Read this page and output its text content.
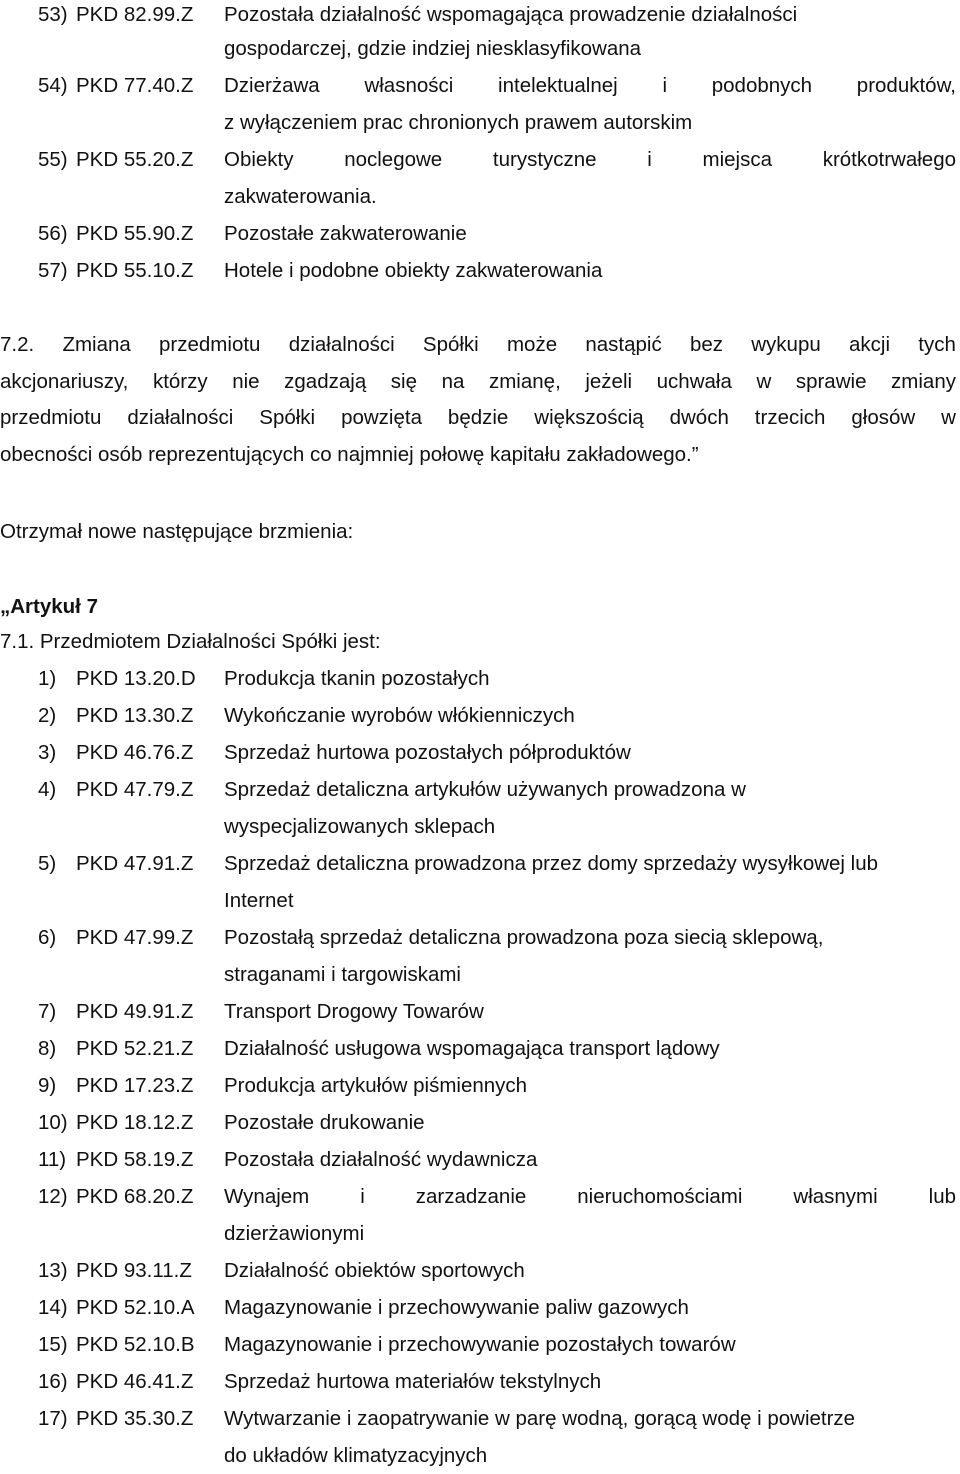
53) PKD 82.99.Z Pozostała działalność wspomagająca prowadzenie działalności
gospodarczej, gdzie indziej niesklasyfikowana
54) PKD 77.40.Z Dzierżawa własności intelektualnej i podobnych produktów,
z wyłączeniem prac chronionych prawem autorskim
55) PKD 55.20.Z Obiekty noclegowe turystyczne i miejsca krótkotrwałego
zakwaterowania.
56) PKD 55.90.Z Pozostałe zakwaterowanie
57) PKD 55.10.Z Hotele i podobne obiekty zakwaterowania
7.2. Zmiana przedmiotu działalności Spółki może nastąpić bez wykupu akcji tych
akcjonariuszy, którzy nie zgadzają się na zmianę, jeżeli uchwała w sprawie zmiany
przedmiotu działalności Spółki powzięta będzie większością dwóch trzecich głosów w
obecności osób reprezentujących co najmniej połowę kapitału zakładowego.”
Otrzymał nowe następujące brzmienia:
„Artykuł 7
7.1. Przedmiotem Działalności Spółki jest:
1) PKD 13.20.D Produkcja tkanin pozostałych
2) PKD 13.30.Z Wykończanie wyrobów włókienniczych
3) PKD 46.76.Z Sprzedaż hurtowa pozostałych półproduktów
4) PKD 47.79.Z Sprzedaż detaliczna artykułów używanych prowadzona w
wyspecjalizowanych sklepach
5) PKD 47.91.Z Sprzedaż detaliczna prowadzona przez domy sprzedaży wysyłkowej lub
Internet
6) PKD 47.99.Z Pozostałą sprzedaż detaliczna prowadzona poza siecią sklepową,
straganami i targowiskami
7) PKD 49.91.Z Transport Drogowy Towarów
8) PKD 52.21.Z Działalność usługowa wspomagająca transport lądowy
9) PKD 17.23.Z Produkcja artykułów piśmiennych
10) PKD 18.12.Z Pozostałe drukowanie
11) PKD 58.19.Z Pozostała działalność wydawnicza
12) PKD 68.20.Z Wynajem i zarzadzanie nieruchomościami własnymi lub
dzierżawionymi
13) PKD 93.11.Z Działalność obiektów sportowych
14) PKD 52.10.A Magazynowanie i przechowywanie paliw gazowych
15) PKD 52.10.B Magazynowanie i przechowywanie pozostałych towarów
16) PKD 46.41.Z Sprzedaż hurtowa materiałów tekstylnych
17) PKD 35.30.Z Wytwarzanie i zaopatrywanie w parę wodną, gorącą wodę i powietrze
do układów klimatyzacyjnych
